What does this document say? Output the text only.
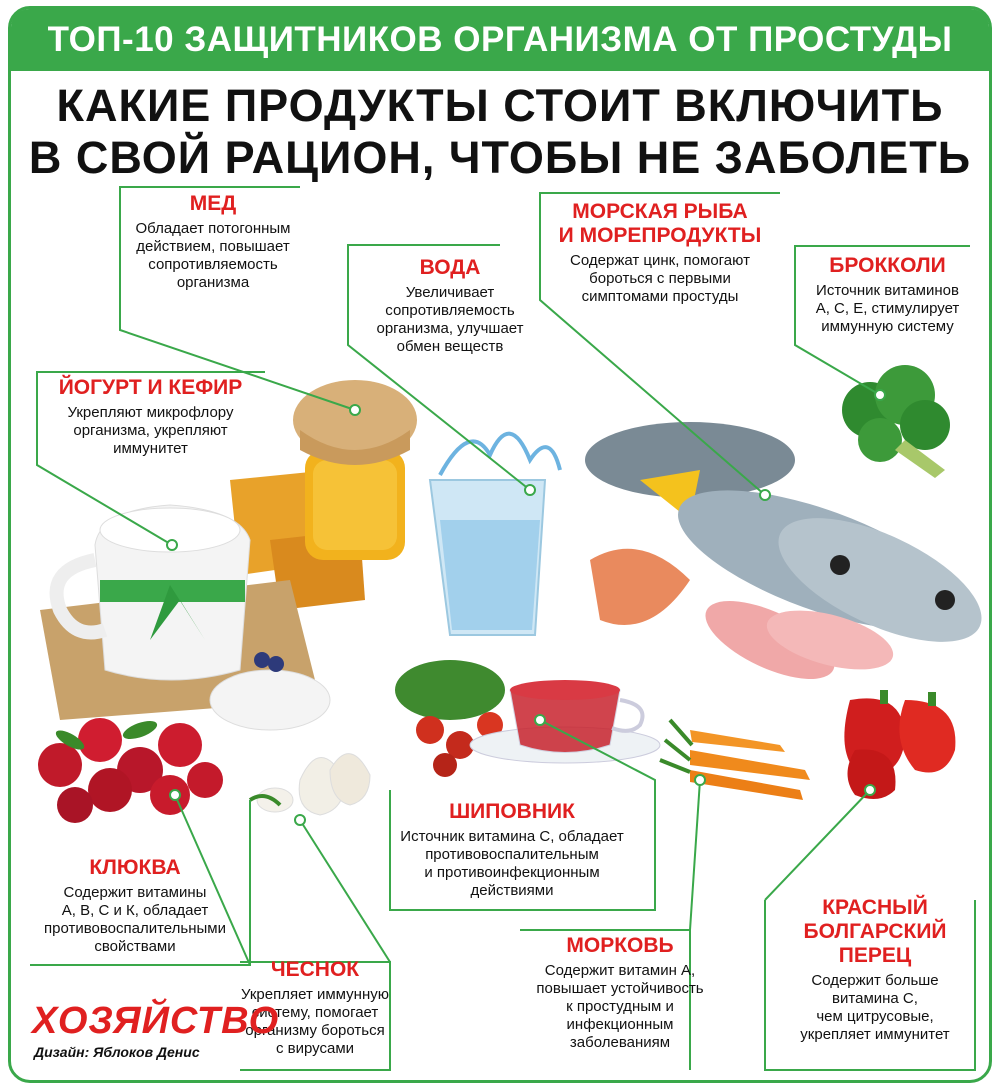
ТОП-10 ЗАЩИТНИКОВ ОРГАНИЗМА ОТ ПРОСТУДЫ
КАКИЕ ПРОДУКТЫ СТОИТ ВКЛЮЧИТЬ
В СВОЙ РАЦИОН, ЧТОБЫ НЕ ЗАБОЛЕТЬ
МЕД
Обладает потогонным
действием, повышает
сопротивляемость
организма
ВОДА
Увеличивает
сопротивляемость
организма, улучшает
обмен веществ
МОРСКАЯ РЫБА
И МОРЕПРОДУКТЫ
Содержат цинк, помогают
бороться с первыми
симптомами простуды
БРОККОЛИ
Источник витаминов
А, С, Е, стимулирует
иммунную систему
ЙОГУРТ И КЕФИР
Укрепляют микрофлору
организма, укрепляют
иммунитет
КЛЮКВА
Содержит витамины
А, В, С и К, обладает
противовоспалительными
свойствами
ШИПОВНИК
Источник витамина С, обладает
противовоспалительным
и противоинфекционным
действиями
ЧЕСНОК
Укрепляет иммунную
систему, помогает
организму бороться
с вирусами
МОРКОВЬ
Содержит витамин А,
повышает устойчивость
к простудным и
инфекционным
заболеваниям
КРАСНЫЙ
БОЛГАРСКИЙ
ПЕРЕЦ
Содержит больше
витамина С,
чем цитрусовые,
укрепляет иммунитет
ХОЗЯЙСТВО
Дизайн: Яблоков Денис
